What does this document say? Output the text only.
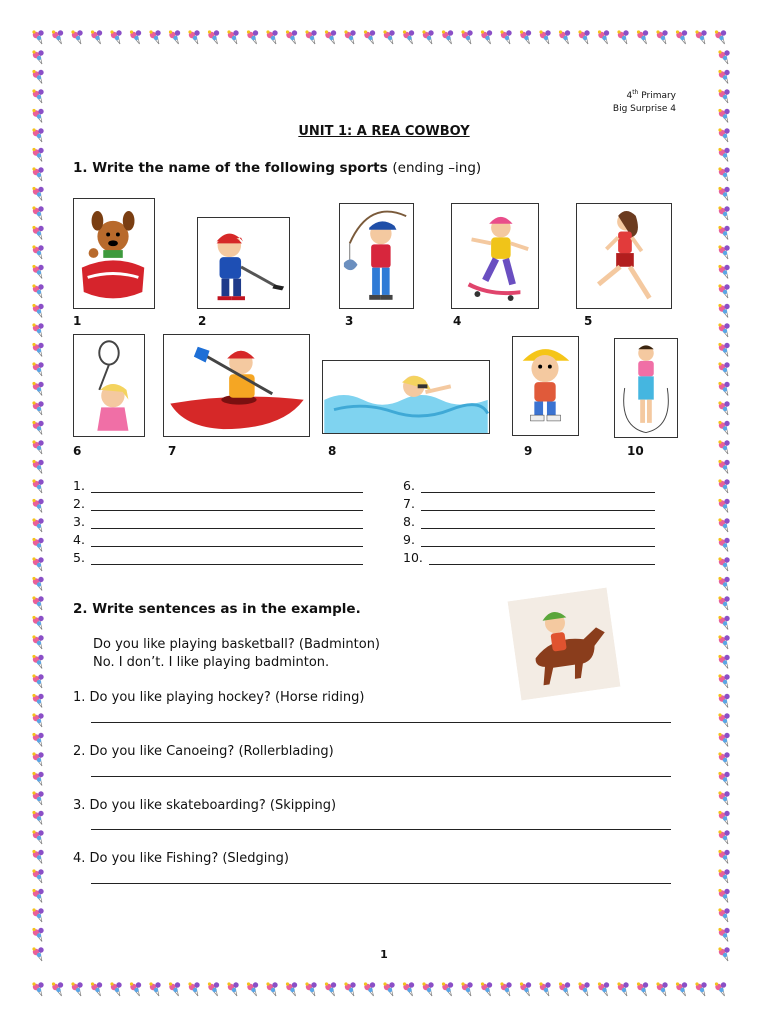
4th Primary
Big Surprise 4
UNIT 1: A REA COWBOY
1. Write the name of the following sports (ending –ing)
1	2	3	4	5
6	7	8	9	10
1.
2.
3.
4.
5.
6.
7.
8.
9.
10.
2. Write sentences as in the example.
Do you like playing basketball? (Badminton)
No. I don’t. I like playing badminton.
1. Do you like playing hockey? (Horse riding)
2. Do you like Canoeing? (Rollerblading)
3. Do you like skateboarding? (Skipping)
4. Do you like Fishing? (Sledging)
1
